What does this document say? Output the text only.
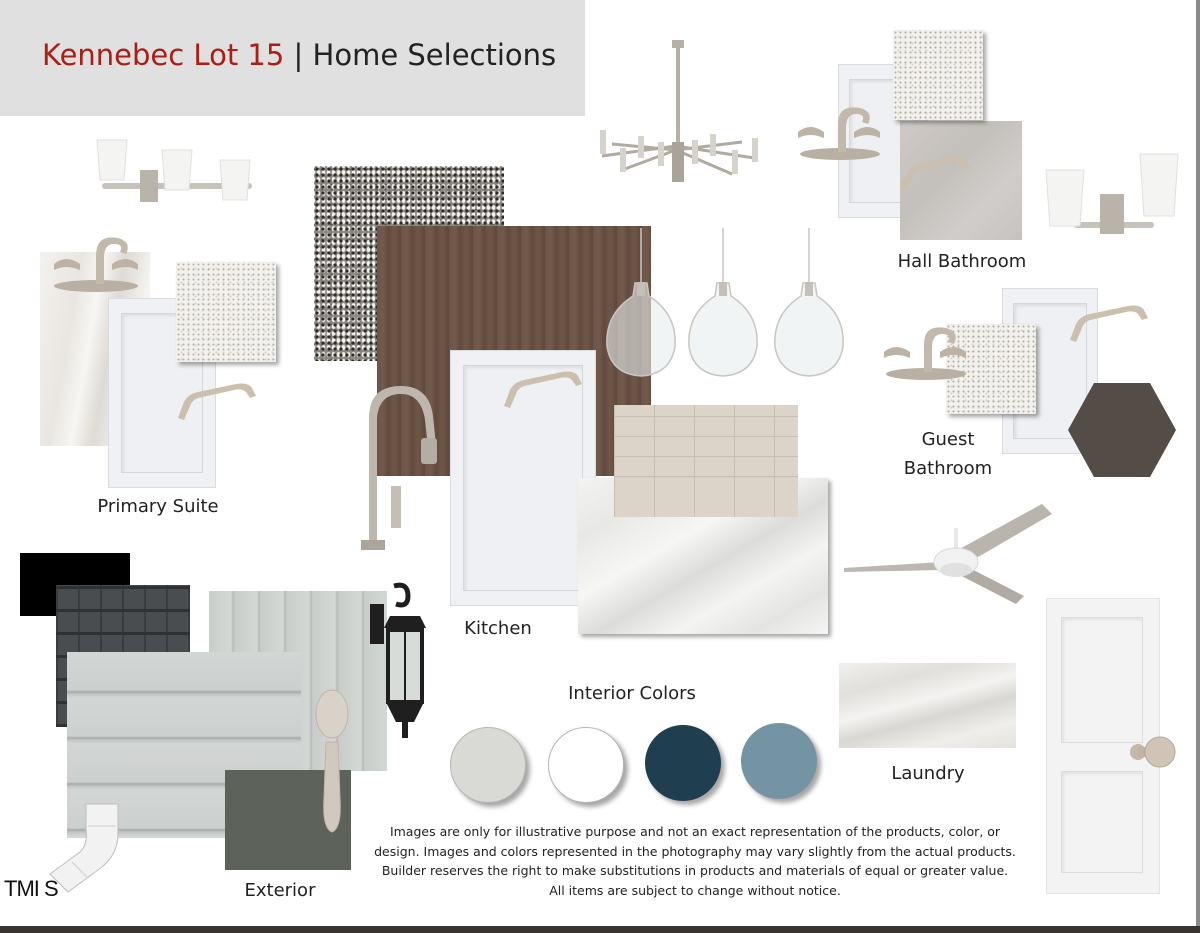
Kennebec Lot 15 | Home Selections
Primary Suite
Kitchen
Hall Bathroom
Guest
Bathroom
Laundry
Interior Colors
Exterior
TMI S
Images are only for illustrative purpose and not an exact representation of the products, color, or
design. Images and colors represented in the photography may vary slightly from the actual products.
Builder reserves the right to make substitutions in products and materials of equal or greater value.
All items are subject to change without notice.
